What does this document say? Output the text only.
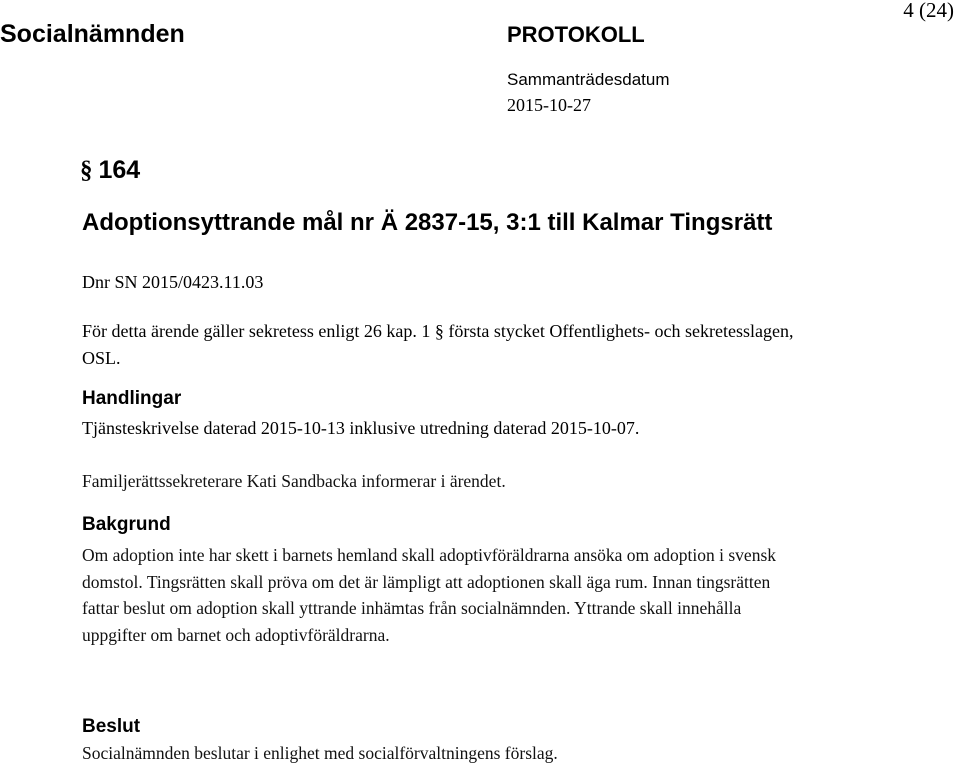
Socialnämnden	PROTOKOLL
4 (24)
Sammanträdesdatum
2015-10-27
§ 164
Adoptionsyttrande mål nr Ä 2837-15, 3:1 till Kalmar Tingsrätt
Dnr SN 2015/0423.11.03
För detta ärende gäller sekretess enligt 26 kap. 1 § första stycket Offentlighets- och sekretesslagen, OSL.
Handlingar
Tjänsteskrivelse daterad 2015-10-13 inklusive utredning daterad 2015-10-07.
Familjerättssekreterare Kati Sandbacka informerar i ärendet.
Bakgrund
Om adoption inte har skett i barnets hemland skall adoptivföräldrarna ansöka om adoption i svensk domstol. Tingsrätten skall pröva om det är lämpligt att adoptionen skall äga rum. Innan tingsrätten fattar beslut om adoption skall yttrande inhämtas från socialnämnden. Yttrande skall innehålla uppgifter om barnet och adoptivföräldrarna.
Beslut
Socialnämnden beslutar i enlighet med socialförvaltningens förslag.
